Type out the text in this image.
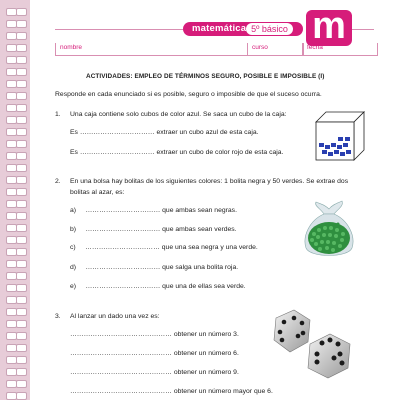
matemática 5º básico m
nombre	curso	fecha
ACTIVIDADES: EMPLEO DE TÉRMINOS SEGURO, POSIBLE E IMPOSIBLE (I)
Responde en cada enunciado si es posible, seguro o imposible de que el suceso ocurra.
1. Una caja contiene solo cubos de color azul. Se saca un cubo de la caja:
Es …………………………… extraer un cubo azul de esta caja.
Es …………………………… extraer un cubo de color rojo de esta caja.
2. En una bolsa hay bolitas de los siguientes colores: 1 bolita negra y 50 verdes. Se extrae dos
bolitas al azar, es:
a) …………………………… que ambas sean negras.
b) …………………………… que ambas sean verdes.
c) …………………………… que una sea negra y una verde.
d) …………………………… que salga una bolita roja.
e) …………………………… que una de ellas sea verde.
3. Al lanzar un dado una vez es:
……………………………………… obtener un número 3.
……………………………………… obtener un número 6.
……………………………………… obtener un número 9.
……………………………………… obtener un número mayor que 6.
